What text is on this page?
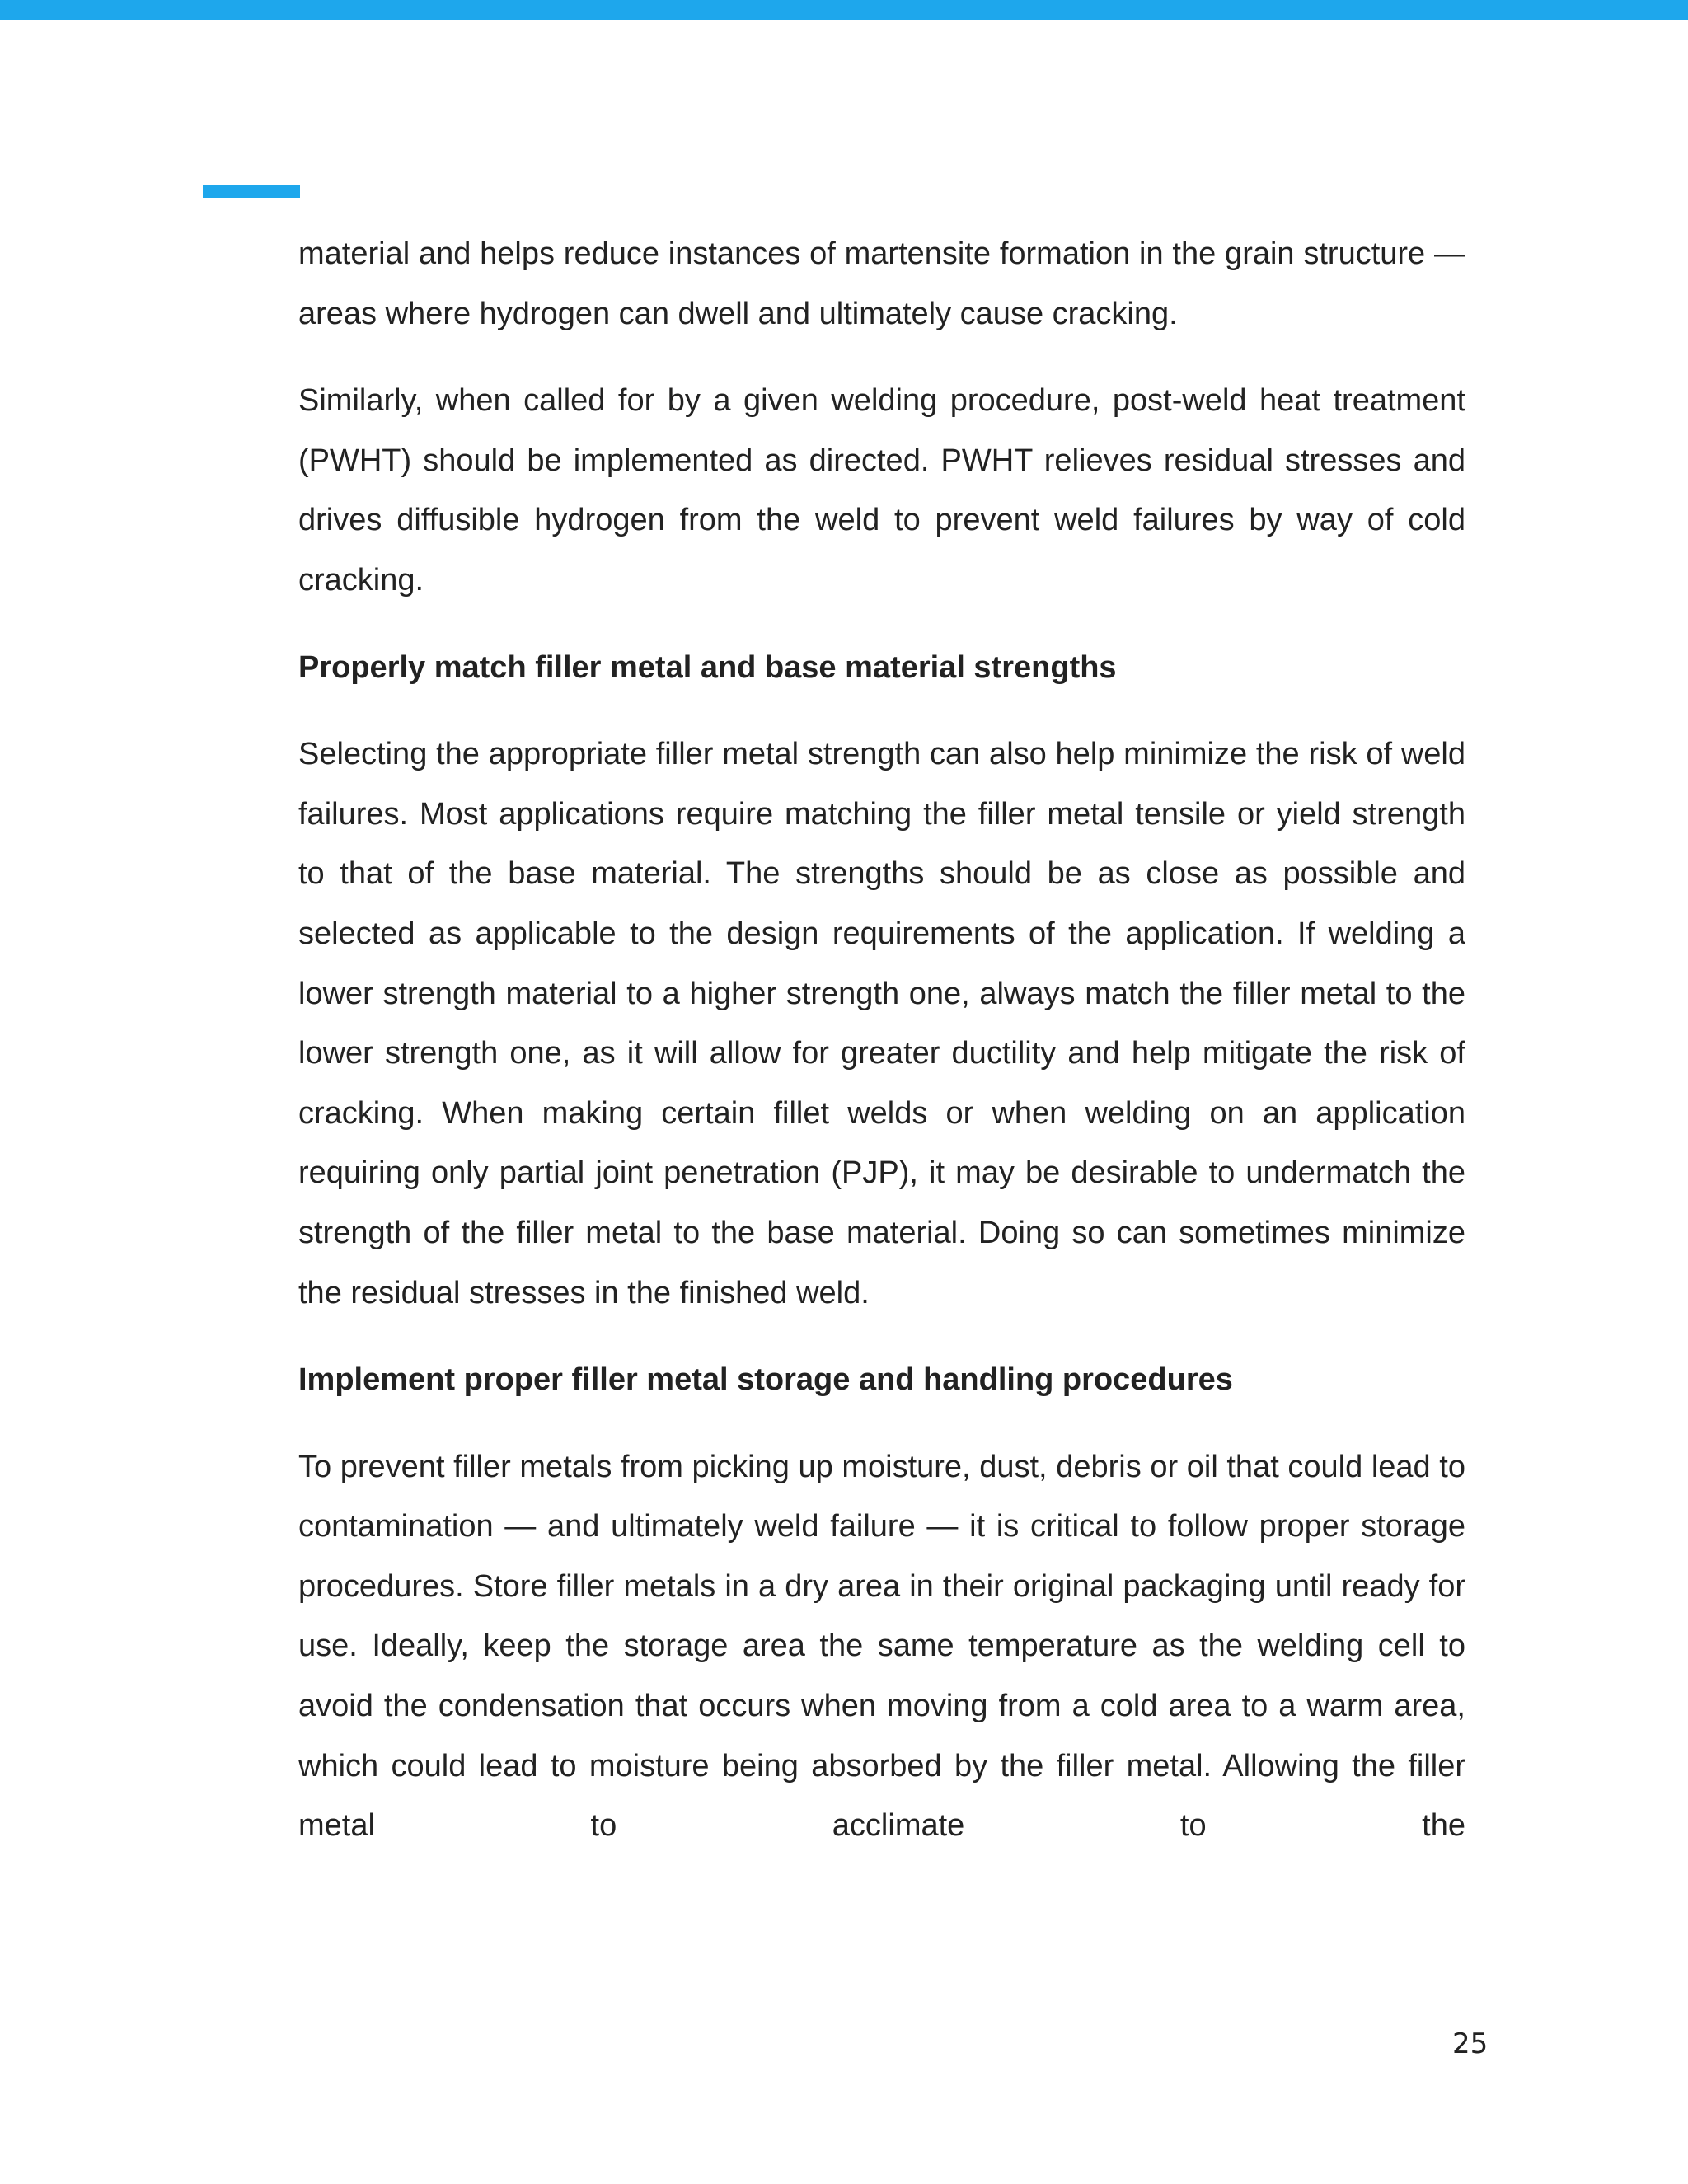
material and helps reduce instances of martensite formation in the grain structure — areas where hydrogen can dwell and ultimately cause cracking.

Similarly, when called for by a given welding procedure, post-weld heat treatment (PWHT) should be implemented as directed. PWHT relieves residual stresses and drives diffusible hydrogen from the weld to prevent weld failures by way of cold cracking.

Properly match filler metal and base material strengths

Selecting the appropriate filler metal strength can also help minimize the risk of weld failures. Most applications require matching the filler metal tensile or yield strength to that of the base material. The strengths should be as close as possible and selected as applicable to the design requirements of the application. If welding a lower strength material to a higher strength one, always match the filler metal to the lower strength one, as it will allow for greater ductility and help mitigate the risk of cracking. When making certain fillet welds or when welding on an application requiring only partial joint penetration (PJP), it may be desirable to undermatch the strength of the filler metal to the base material. Doing so can sometimes minimize the residual stresses in the finished weld.

Implement proper filler metal storage and handling procedures

To prevent filler metals from picking up moisture, dust, debris or oil that could lead to contamination — and ultimately weld failure — it is critical to follow proper storage procedures. Store filler metals in a dry area in their original packaging until ready for use. Ideally, keep the storage area the same temperature as the welding cell to avoid the condensation that occurs when moving from a cold area to a warm area, which could lead to moisture being absorbed by the filler metal. Allowing the filler metal to acclimate to the

25
